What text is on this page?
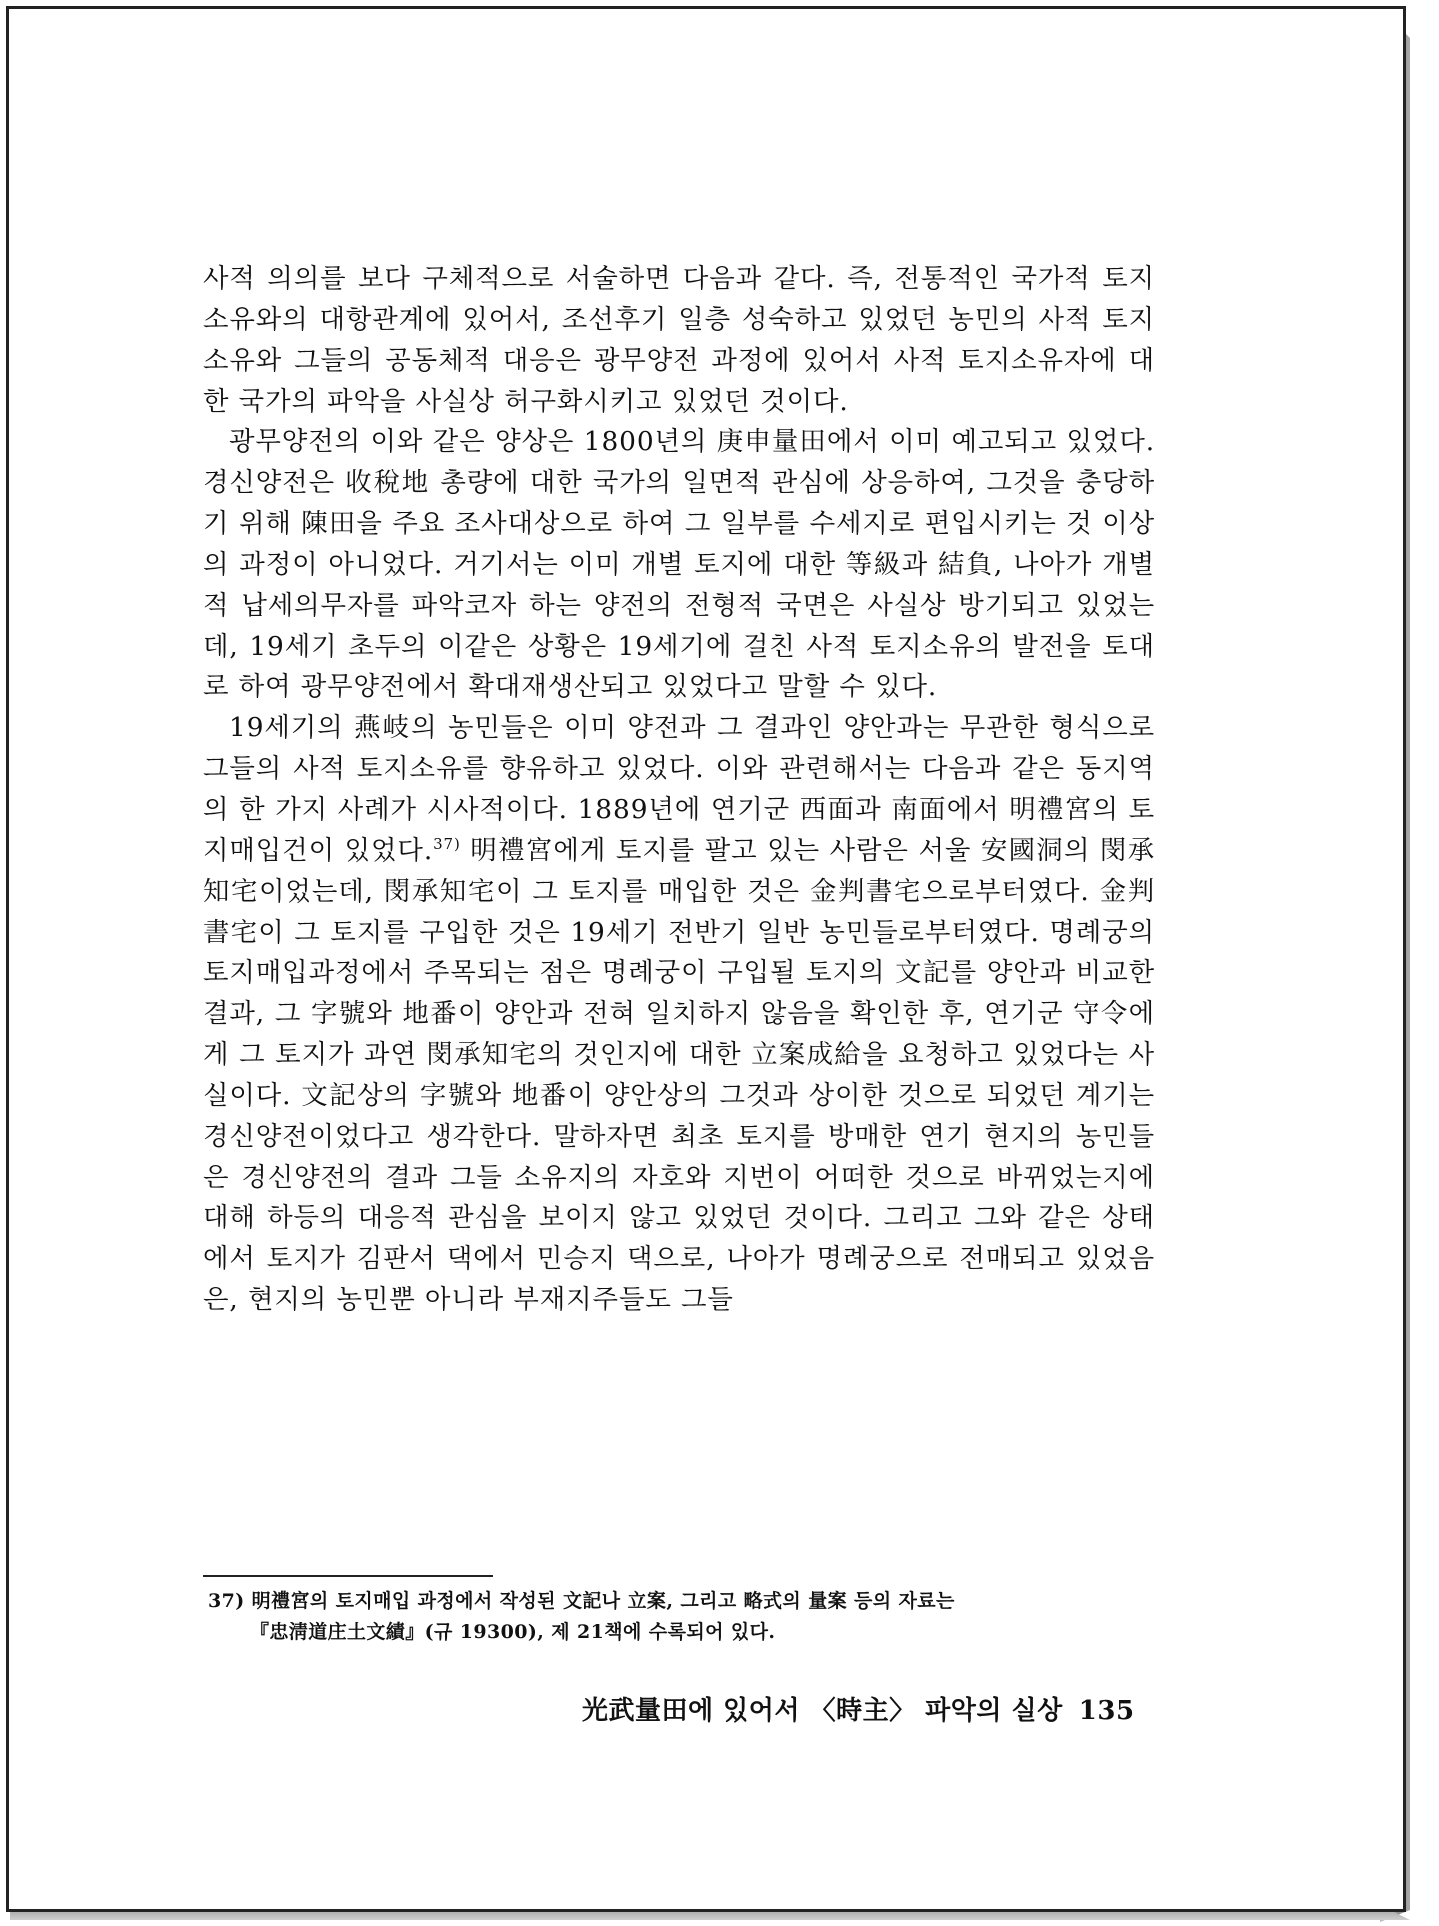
사적 의의를 보다 구체적으로 서술하면 다음과 같다. 즉, 전통적인 국가적 토지소유와의 대항관계에 있어서, 조선후기 일층 성숙하고 있었던 농민의 사적 토지소유와 그들의 공동체적 대응은 광무양전 과정에 있어서 사적 토지소유자에 대한 국가의 파악을 사실상 허구화시키고 있었던 것이다.

광무양전의 이와 같은 양상은 1800년의 庚申量田에서 이미 예고되고 있었다. 경신양전은 收稅地 총량에 대한 국가의 일면적 관심에 상응하여, 그것을 충당하기 위해 陳田을 주요 조사대상으로 하여 그 일부를 수세지로 편입시키는 것 이상의 과정이 아니었다. 거기서는 이미 개별 토지에 대한 等級과 結負, 나아가 개별적 납세의무자를 파악코자 하는 양전의 전형적 국면은 사실상 방기되고 있었는데, 19세기 초두의 이같은 상황은 19세기에 걸친 사적 토지소유의 발전을 토대로 하여 광무양전에서 확대재생산되고 있었다고 말할 수 있다.

19세기의 燕岐의 농민들은 이미 양전과 그 결과인 양안과는 무관한 형식으로 그들의 사적 토지소유를 향유하고 있었다. 이와 관련해서는 다음과 같은 동지역의 한 가지 사례가 시사적이다. 1889년에 연기군 西面과 南面에서 明禮宮의 토지매입건이 있었다.$^{37)}$ 明禮宮에게 토지를 팔고 있는 사람은 서울 安國洞의 閔承知宅이었는데, 閔承知宅이 그 토지를 매입한 것은 金判書宅으로부터였다. 金判書宅이 그 토지를 구입한 것은 19세기 전반기 일반 농민들로부터였다. 명례궁의 토지매입과정에서 주목되는 점은 명례궁이 구입될 토지의 文記를 양안과 비교한 결과, 그 字號와 地番이 양안과 전혀 일치하지 않음을 확인한 후, 연기군 守令에게 그 토지가 과연 閔承知宅의 것인지에 대한 立案成給을 요청하고 있었다는 사실이다. 文記상의 字號와 地番이 양안상의 그것과 상이한 것으로 되었던 계기는 경신양전이었다고 생각한다. 말하자면 최초 토지를 방매한 연기 현지의 농민들은 경신양전의 결과 그들 소유지의 자호와 지번이 어떠한 것으로 바뀌었는지에 대해 하등의 대응적 관심을 보이지 않고 있었던 것이다. 그리고 그와 같은 상태에서 토지가 김판서 댁에서 민승지 댁으로, 나아가 명례궁으로 전매되고 있었음은, 현지의 농민뿐 아니라 부재지주들도 그들

37) 明禮宮의 토지매입 과정에서 작성된 文記나 立案, 그리고 略式의 量案 등의 자료는
『忠淸道庄土文績』(규 19300), 제 21책에 수록되어 있다.
光武量田에 있어서 〈時主〉 파악의 실상 135
